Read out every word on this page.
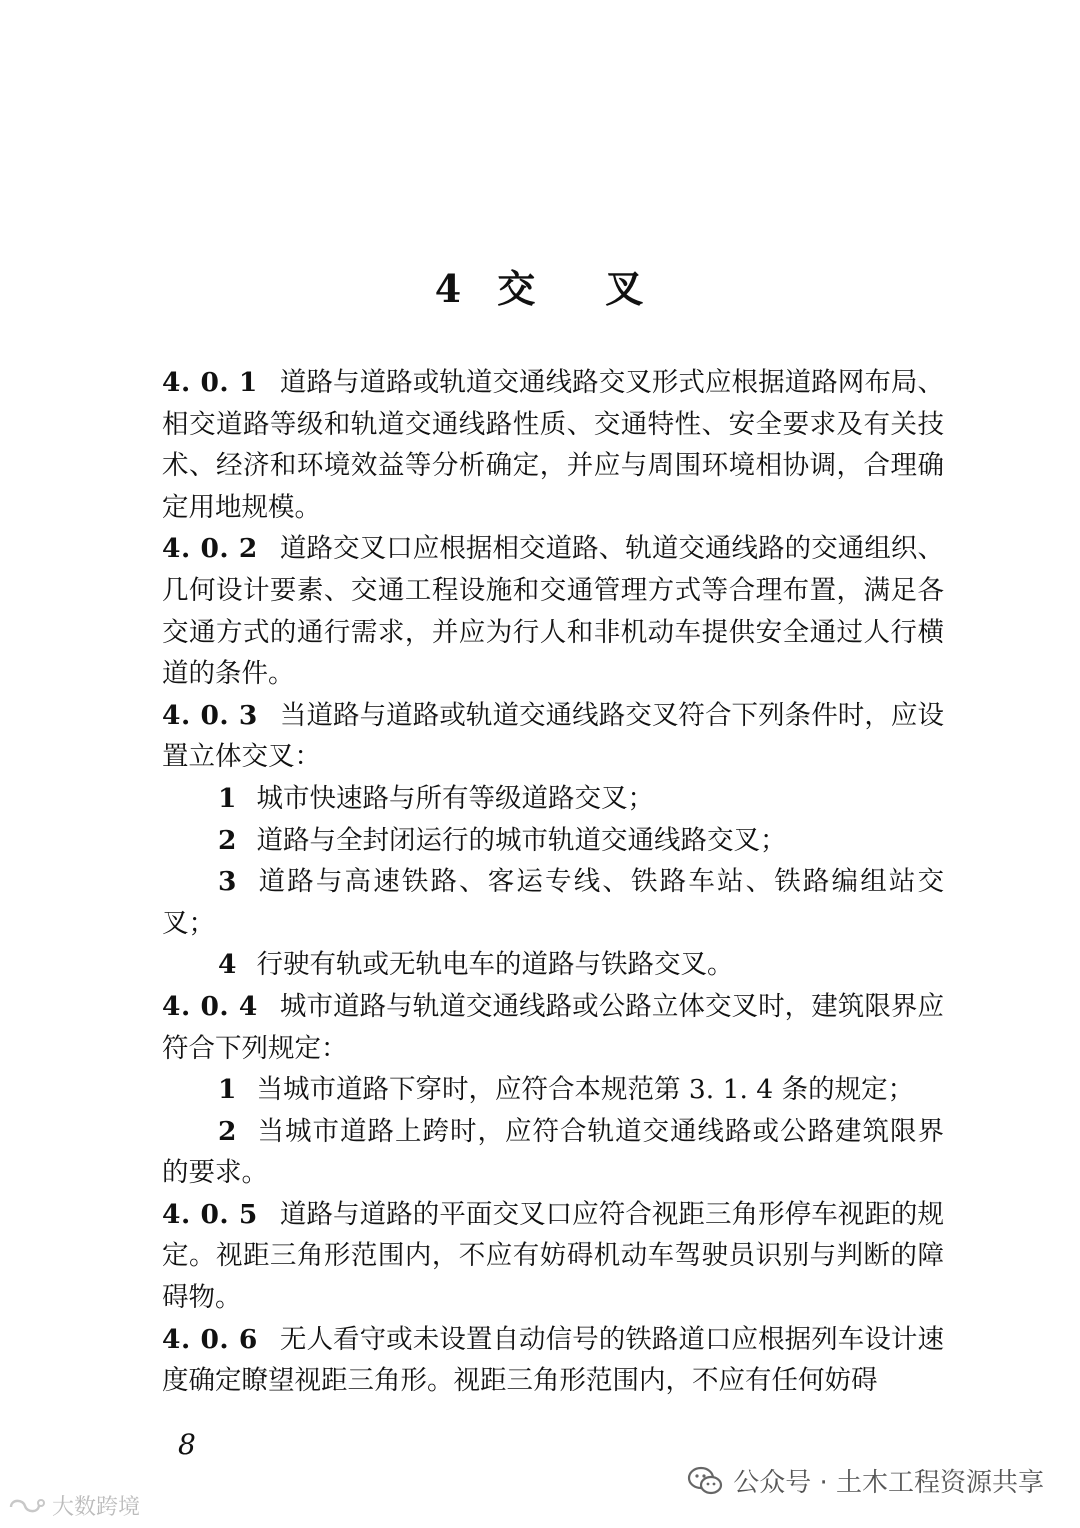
4 交 叉

4. 0. 1 道路与道路或轨道交通线路交叉形式应根据道路网布局、相交道路等级和轨道交通线路性质、交通特性、安全要求及有关技术、经济和环境效益等分析确定，并应与周围环境相协调，合理确定用地规模。

4. 0. 2 道路交叉口应根据相交道路、轨道交通线路的交通组织、几何设计要素、交通工程设施和交通管理方式等合理布置，满足各交通方式的通行需求，并应为行人和非机动车提供安全通过人行横道的条件。

4. 0. 3 当道路与道路或轨道交通线路交叉符合下列条件时，应设置立体交叉：

1 城市快速路与所有等级道路交叉；

2 道路与全封闭运行的城市轨道交通线路交叉；

3 道路与高速铁路、客运专线、铁路车站、铁路编组站交叉；

4 行驶有轨或无轨电车的道路与铁路交叉。

4. 0. 4 城市道路与轨道交通线路或公路立体交叉时，建筑限界应符合下列规定：

1 当城市道路下穿时，应符合本规范第 3. 1. 4 条的规定；

2 当城市道路上跨时，应符合轨道交通线路或公路建筑限界的要求。

4. 0. 5 道路与道路的平面交叉口应符合视距三角形停车视距的规定。视距三角形范围内，不应有妨碍机动车驾驶员识别与判断的障碍物。

4. 0. 6 无人看守或未设置自动信号的铁路道口应根据列车设计速度确定瞭望视距三角形。视距三角形范围内，不应有任何妨碍

8
公众号 · 土木工程资源共享
大数跨境
